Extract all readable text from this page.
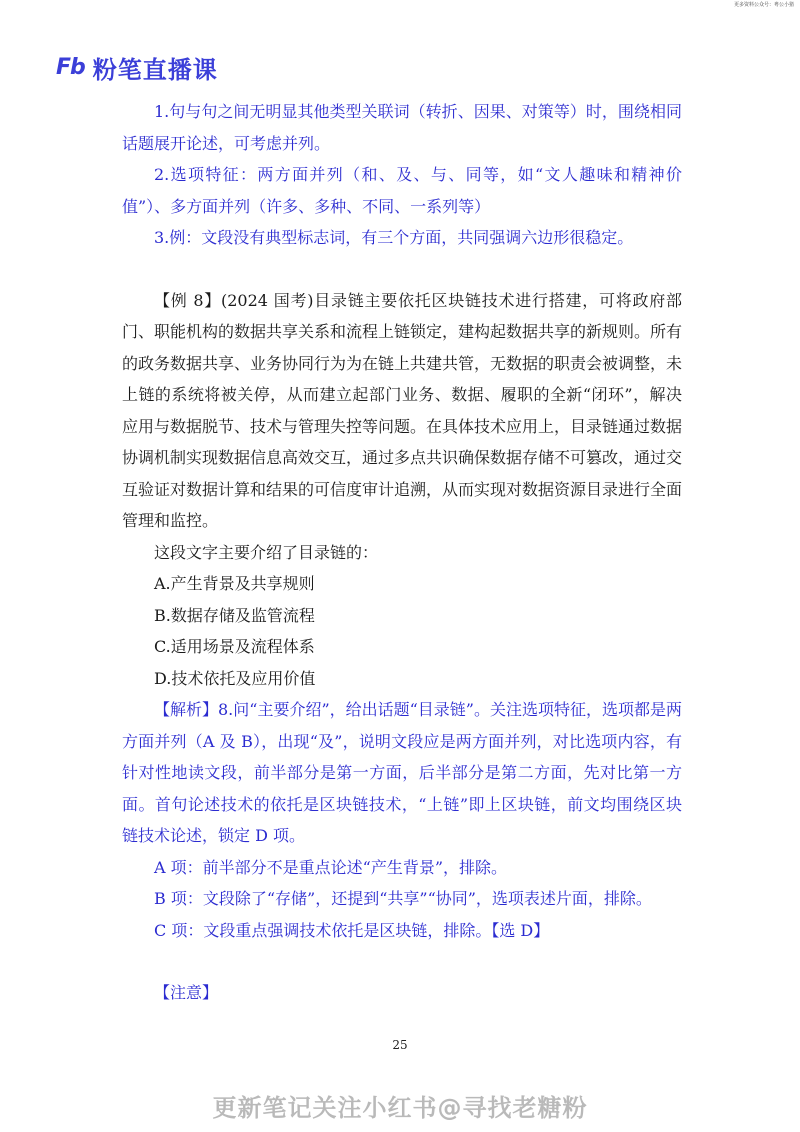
更多资料公众号：粤公小猪
Fb 粉笔直播课

1.句与句之间无明显其他类型关联词（转折、因果、对策等）时，围绕相同话题展开论述，可考虑并列。

2.选项特征：两方面并列（和、及、与、同等，如“文人趣味和精神价值”）、多方面并列（许多、多种、不同、一系列等）

3.例：文段没有典型标志词，有三个方面，共同强调六边形很稳定。

【例 8】(2024 国考)目录链主要依托区块链技术进行搭建，可将政府部门、职能机构的数据共享关系和流程上链锁定，建构起数据共享的新规则。所有的政务数据共享、业务协同行为为在链上共建共管，无数据的职责会被调整，未上链的系统将被关停，从而建立起部门业务、数据、履职的全新“闭环”，解决应用与数据脱节、技术与管理失控等问题。在具体技术应用上，目录链通过数据协调机制实现数据信息高效交互，通过多点共识确保数据存储不可篡改，通过交互验证对数据计算和结果的可信度审计追溯，从而实现对数据资源目录进行全面管理和监控。

这段文字主要介绍了目录链的：

A.产生背景及共享规则

B.数据存储及监管流程

C.适用场景及流程体系

D.技术依托及应用价值

【解析】8.问“主要介绍”，给出话题“目录链”。关注选项特征，选项都是两方面并列（A 及 B），出现“及”，说明文段应是两方面并列，对比选项内容，有针对性地读文段，前半部分是第一方面，后半部分是第二方面，先对比第一方面。首句论述技术的依托是区块链技术，“上链”即上区块链，前文均围绕区块链技术论述，锁定 D 项。

A 项：前半部分不是重点论述“产生背景”，排除。

B 项：文段除了“存储”，还提到“共享”“协同”，选项表述片面，排除。

C 项：文段重点强调技术依托是区块链，排除。【选 D】

【注意】

25
更新笔记关注小红书@寻找老糖粉
